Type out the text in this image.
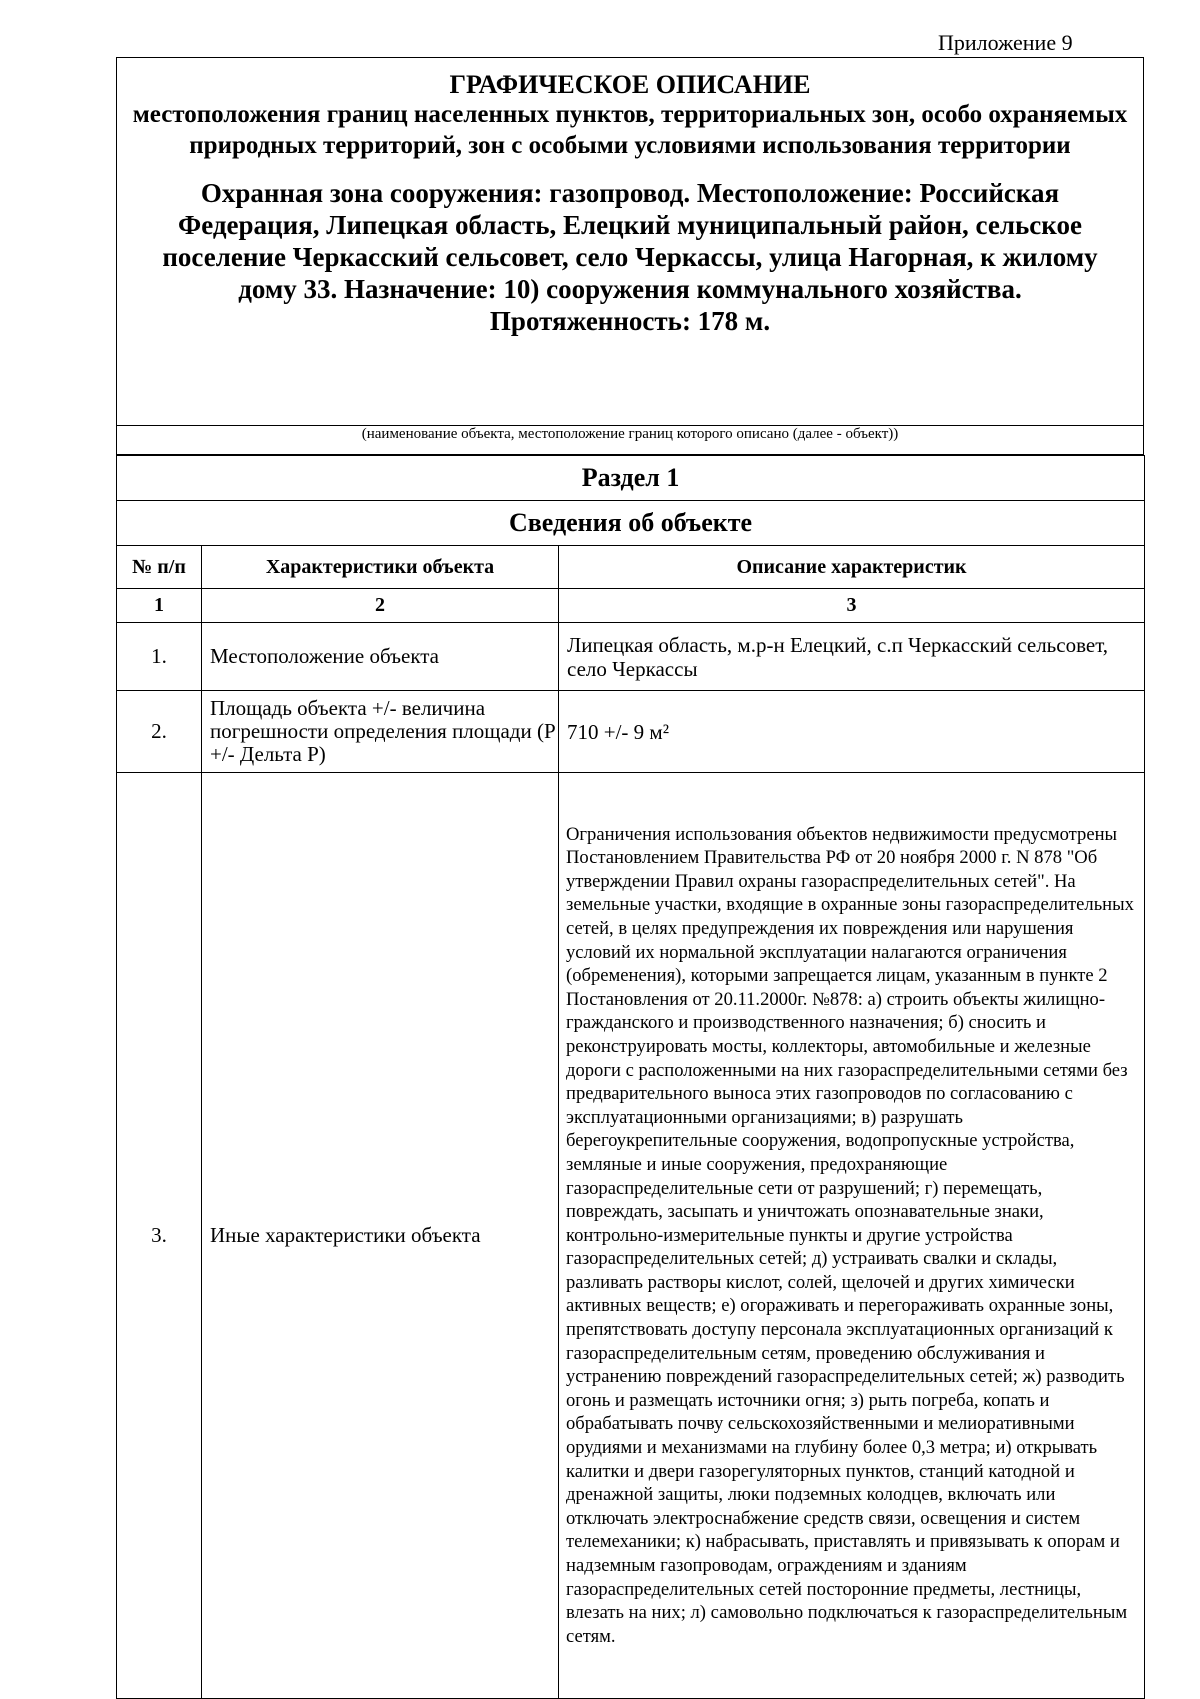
Приложение 9
ГРАФИЧЕСКОЕ ОПИСАНИЕ
местоположения границ населенных пунктов, территориальных зон, особо охраняемых природных территорий, зон с особыми условиями использования территории
Охранная зона сооружения: газопровод. Местоположение: Российская Федерация, Липецкая область, Елецкий муниципальный район, сельское поселение Черкасский сельсовет, село Черкассы, улица Нагорная, к жилому дому 33. Назначение: 10) сооружения коммунального хозяйства. Протяженность: 178 м.
(наименование объекта, местоположение границ которого описано (далее - объект))
Раздел 1		
Сведения об объекте		
№ п/п	Характеристики объекта	Описание характеристик
1	2	3
1.	Местоположение объекта	Липецкая область, м.р-н Елецкий, с.п Черкасский сельсовет, село Черкассы
2.	Площадь объекта +/- величина погрешности определения площади (Р +/- Дельта Р)	710 +/- 9 м²
3.	Иные характеристики объекта	Ограничения использования объектов недвижимости предусмотрены Постановлением Правительства РФ от 20 ноября 2000 г. N 878 "Об утверждении Правил охраны газораспределительных сетей". На земельные участки, входящие в охранные зоны газораспределительных сетей, в целях предупреждения их повреждения или нарушения условий их нормальной эксплуатации налагаются ограничения (обременения), которыми запрещается лицам, указанным в пункте 2 Постановления от 20.11.2000г. №878: а) строить объекты жилищно-гражданского и производственного назначения; б) сносить и реконструировать мосты, коллекторы, автомобильные и железные дороги с расположенными на них газораспределительными сетями без предварительного выноса этих газопроводов по согласованию с эксплуатационными организациями; в) разрушать берегоукрепительные сооружения, водопропускные устройства, земляные и иные сооружения, предохраняющие газораспределительные сети от разрушений; г) перемещать, повреждать, засыпать и уничтожать опознавательные знаки, контрольно-измерительные пункты и другие устройства газораспределительных сетей; д) устраивать свалки и склады, разливать растворы кислот, солей, щелочей и других химически активных веществ; е) огораживать и перегораживать охранные зоны, препятствовать доступу персонала эксплуатационных организаций к газораспределительным сетям, проведению обслуживания и устранению повреждений газораспределительных сетей; ж) разводить огонь и размещать источники огня; з) рыть погреба, копать и обрабатывать почву сельскохозяйственными и мелиоративными орудиями и механизмами на глубину более 0,3 метра; и) открывать калитки и двери газорегуляторных пунктов, станций катодной и дренажной защиты, люки подземных колодцев, включать или отключать электроснабжение средств связи, освещения и систем телемеханики; к) набрасывать, приставлять и привязывать к опорам и надземным газопроводам, ограждениям и зданиям газораспределительных сетей посторонние предметы, лестницы, влезать на них; л) самовольно подключаться к газораспределительным сетям.
